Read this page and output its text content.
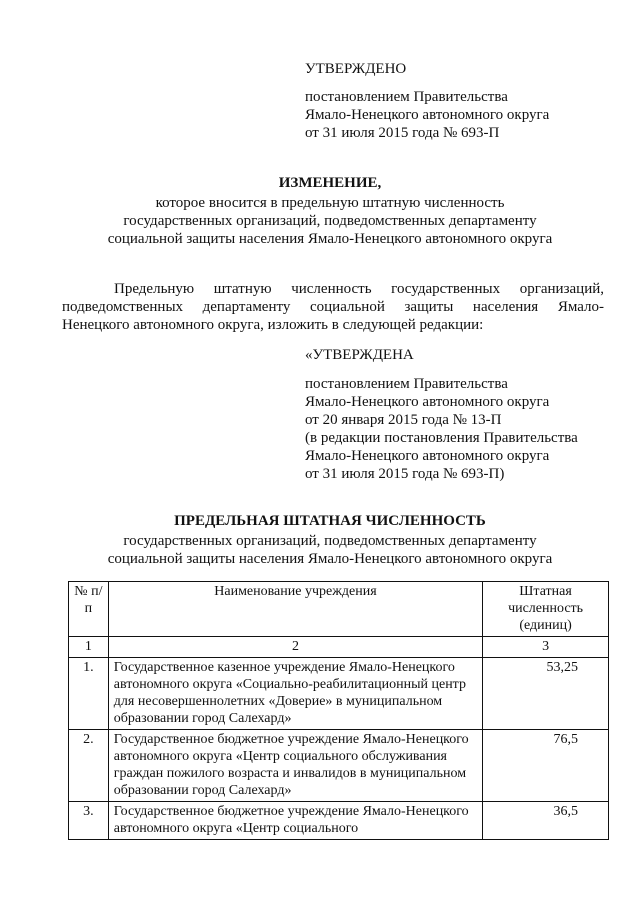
УТВЕРЖДЕНО
постановлением Правительства
Ямало-Ненецкого автономного округа
от 31 июля 2015 года № 693-П
ИЗМЕНЕНИЕ,
которое вносится в предельную штатную численность
государственных организаций, подведомственных департаменту
социальной защиты населения Ямало-Ненецкого автономного округа

Предельную штатную численность государственных организаций,

подведомственных департаменту социальной защиты населения Ямало-

Ненецкого автономного округа, изложить в следующей редакции:

«УТВЕРЖДЕНА
постановлением Правительства
Ямало-Ненецкого автономного округа
от 20 января 2015 года № 13-П
(в редакции постановления Правительства
Ямало-Ненецкого автономного округа
от 31 июля 2015 года № 693-П)
ПРЕДЕЛЬНАЯ ШТАТНАЯ ЧИСЛЕННОСТЬ
государственных организаций, подведомственных департаменту
социальной защиты населения Ямало-Ненецкого автономного округа
№ п/п	Наименование учреждения	Штатная численность (единиц)
1	2	3
1.	Государственное казенное учреждение Ямало-Ненецкого автономного округа «Социально-реабилитационный центр для несовершеннолетних «Доверие» в муниципальном образовании город Салехард»	53,25
2.	Государственное бюджетное учреждение Ямало-Ненецкого автономного округа «Центр социального обслуживания граждан пожилого возраста и инвалидов в муниципальном образовании город Салехард»	76,5
3.	Государственное бюджетное учреждение Ямало-Ненецкого автономного округа «Центр социального	36,5
